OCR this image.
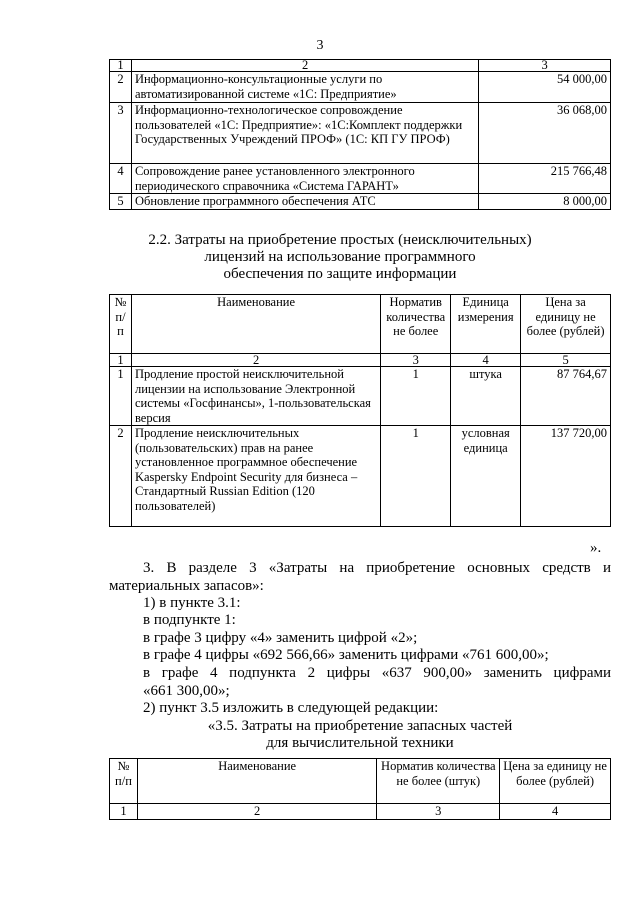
3
1	2	3
2	Информационно-консультационные услуги по автоматизированной системе «1С: Предприятие»	54 000,00
3	Информационно-технологическое сопровождение пользователей «1С: Предприятие»: «1С:Комплект поддержки Государственных Учреждений ПРОФ» (1С: КП ГУ ПРОФ)	36 068,00
4	Сопровождение ранее установленного электронного периодического справочника «Система ГАРАНТ»	215 766,48
5	Обновление программного обеспечения АТС	8 000,00
2.2. Затраты на приобретение простых (неисключительных)
лицензий на использование программного
обеспечения по защите информации
№ п/п	Наименование	Норматив количества не более	Единица измерения	Цена за единицу не более (рублей)
1	2	3	4	5
1	Продление простой неисключительной лицензии на использование Электронной системы «Госфинансы», 1-пользовательская версия	1	штука	87 764,67
2	Продление неисключительных (пользовательских) прав на ранее установленное программное обеспечение Kaspersky Endpoint Security для бизнеса – Стандартный Russian Edition (120 пользователей)	1	условная единица	137 720,00
».
3. В разделе 3 «Затраты на приобретение основных средств и
материальных запасов»:
1) в пункте 3.1:
в подпункте 1:
в графе 3 цифру «4» заменить цифрой «2»;
в графе 4 цифры «692 566,66» заменить цифрами «761 600,00»;
в графе 4 подпункта 2 цифры «637 900,00» заменить цифрами
«661 300,00»;
2) пункт 3.5 изложить в следующей редакции:
«3.5. Затраты на приобретение запасных частей
для вычислительной техники
№ п/п	Наименование	Норматив количества не более (штук)	Цена за единицу не более (рублей)
1	2	3	4
